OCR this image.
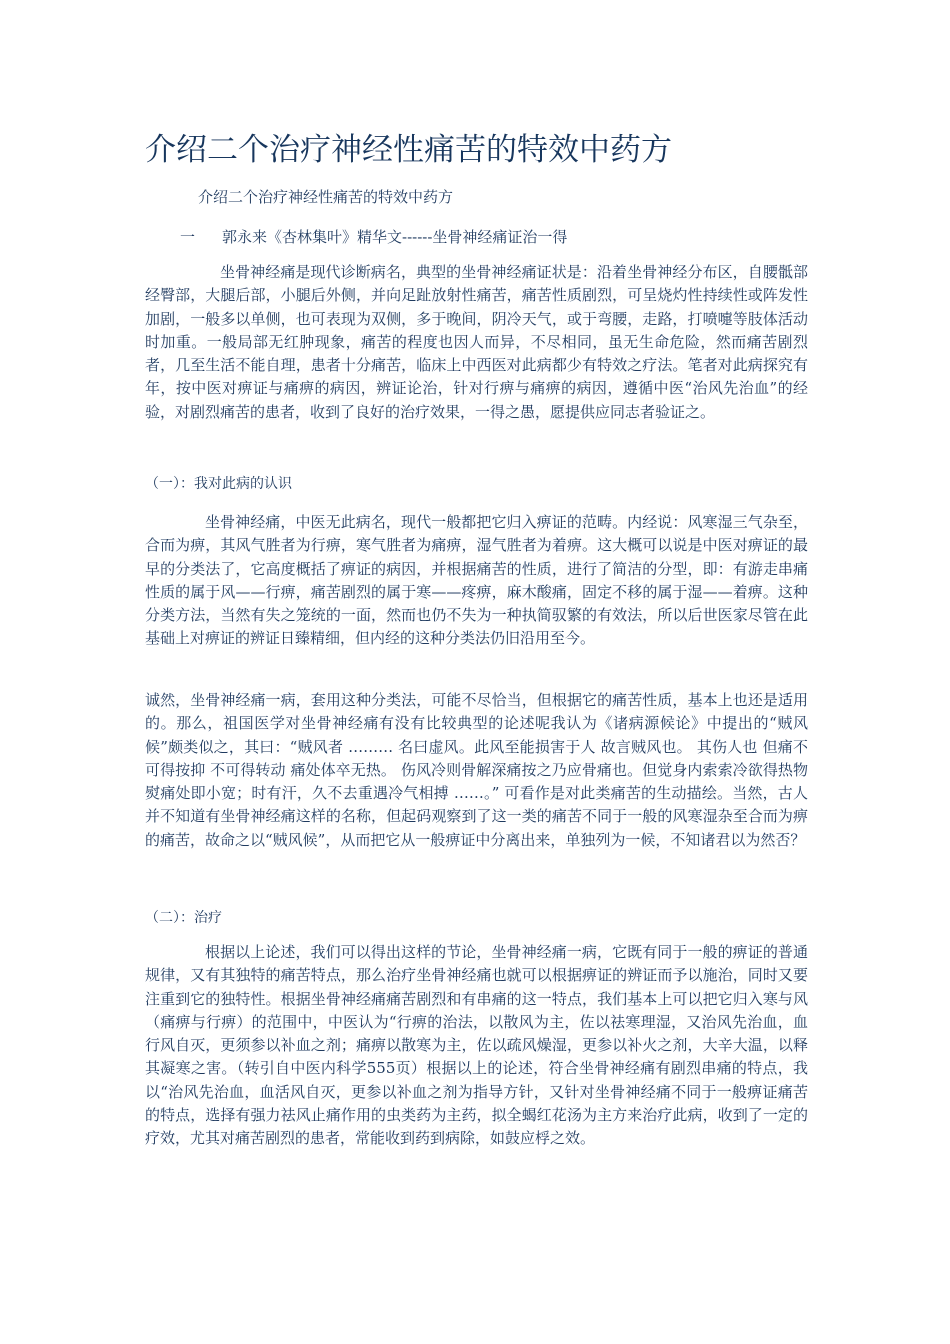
介绍二个治疗神经性痛苦的特效中药方
介绍二个治疗神经性痛苦的特效中药方
一 郭永来《杏林集叶》精华文------坐骨神经痛证治一得

坐骨神经痛是现代诊断病名，典型的坐骨神经痛证状是：沿着坐骨神经分布区，自腰骶部经臀部，大腿后部，小腿后外侧，并向足趾放射性痛苦，痛苦性质剧烈，可呈烧灼性持续性或阵发性加剧，一般多以单侧，也可表现为双侧，多于晚间，阴冷天气，或于弯腰，走路，打喷嚏等肢体活动时加重。一般局部无红肿现象，痛苦的程度也因人而异，不尽相同，虽无生命危险，然而痛苦剧烈者，几至生活不能自理，患者十分痛苦，临床上中西医对此病都少有特效之疗法。笔者对此病探究有年，按中医对痹证与痛痹的病因，辨证论治，针对行痹与痛痹的病因，遵循中医“治风先治血”的经验，对剧烈痛苦的患者，收到了良好的治疗效果，一得之愚，愿提供应同志者验证之。

（一）：我对此病的认识

坐骨神经痛，中医无此病名，现代一般都把它归入痹证的范畴。内经说：风寒湿三气杂至，合而为痹，其风气胜者为行痹，寒气胜者为痛痹，湿气胜者为着痹。这大概可以说是中医对痹证的最早的分类法了，它高度概括了痹证的病因，并根据痛苦的性质，进行了简洁的分型，即：有游走串痛性质的属于风——行痹，痛苦剧烈的属于寒——疼痹，麻木酸痛，固定不移的属于湿——着痹。这种分类方法，当然有失之笼统的一面，然而也仍不失为一种执简驭繁的有效法，所以后世医家尽管在此基础上对痹证的辨证日臻精细，但内经的这种分类法仍旧沿用至今。

诚然，坐骨神经痛一病，套用这种分类法，可能不尽恰当，但根据它的痛苦性质，基本上也还是适用的。那么，祖国医学对坐骨神经痛有没有比较典型的论述呢我认为《诸病源候论》中提出的“贼风候”颇类似之，其曰：“贼风者 ……… 名曰虚风。此风至能损害于人 故言贼风也。 其伤人也 但痛不可得按抑 不可得转动 痛处体卒无热。 伤风冷则骨解深痛按之乃应骨痛也。但觉身内索索冷欲得热物熨痛处即小宽；时有汗，久不去重遇冷气相搏 ……。” 可看作是对此类痛苦的生动描绘。当然，古人并不知道有坐骨神经痛这样的名称，但起码观察到了这一类的痛苦不同于一般的风寒湿杂至合而为痹的痛苦，故命之以“贼风候”，从而把它从一般痹证中分离出来，单独列为一候，不知诸君以为然否？

（二）：治疗

根据以上论述，我们可以得出这样的节论，坐骨神经痛一病，它既有同于一般的痹证的普通规律，又有其独特的痛苦特点，那么治疗坐骨神经痛也就可以根据痹证的辨证而予以施治，同时又要注重到它的独特性。根据坐骨神经痛痛苦剧烈和有串痛的这一特点，我们基本上可以把它归入寒与风（痛痹与行痹）的范围中，中医认为“行痹的治法，以散风为主，佐以祛寒理湿，又治风先治血，血行风自灭，更须参以补血之剂；痛痹以散寒为主，佐以疏风燥湿，更参以补火之剂，大辛大温，以释其凝寒之害。（转引自中医内科学555页）根据以上的论述，符合坐骨神经痛有剧烈串痛的特点，我以“治风先治血，血活风自灭，更参以补血之剂为指导方针，又针对坐骨神经痛不同于一般痹证痛苦的特点，选择有强力祛风止痛作用的虫类药为主药，拟全蝎红花汤为主方来治疗此病，收到了一定的疗效，尤其对痛苦剧烈的患者，常能收到药到病除，如鼓应桴之效。
